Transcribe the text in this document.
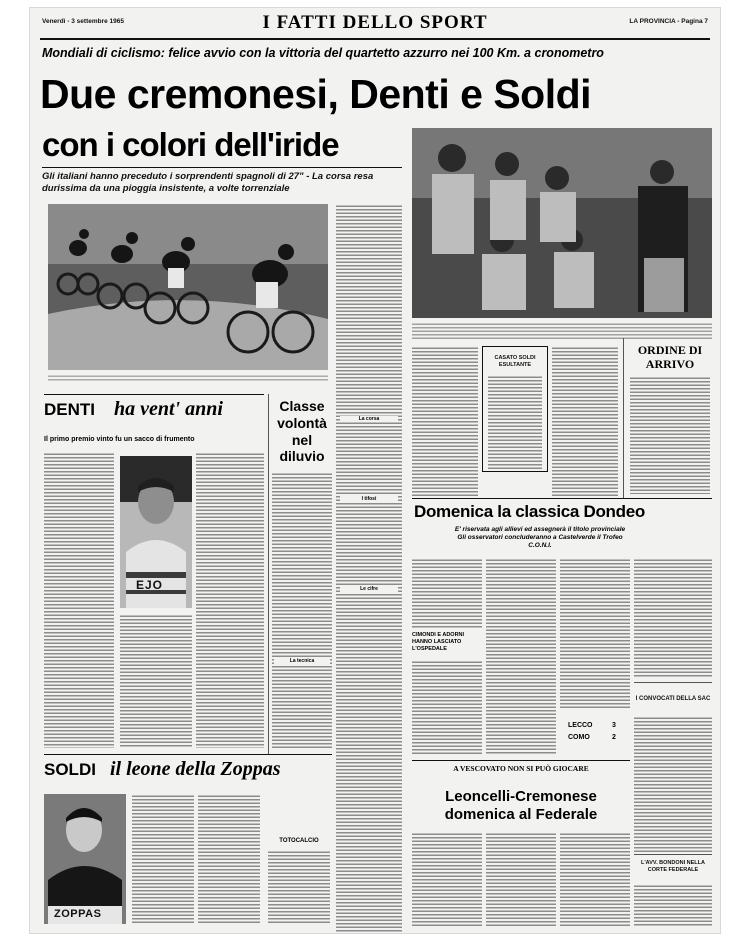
Venerdì - 3 settembre 1965	I FATTI DELLO SPORT	LA PROVINCIA - Pagina 7
Mondiali di ciclismo: felice avvio con la vittoria del quartetto azzurro nei 100 Km. a cronometro
Due cremonesi, Denti e Soldi
con i colori dell'iride
Gli italiani hanno preceduto i sorprendenti spagnoli di 27" - La corsa resa durissima da una pioggia insistente, a volte torrenziale
La corsa
Le cifre
CASATO SOLDI ESULTANTE
ORDINE DI ARRIVO
Domenica la classica Dondeo
E' riservata agli allievi ed assegnerà il titolo provinciale Gli osservatori concluderanno a Castelverde il Trofeo C.O.N.I.
CIMONDI E ADORNI HANNO LASCIATO L'OSPEDALE
LECCO	3
COMO	2
I CONVOCATI DELLA SAC
L'AVV. BONDONI NELLA CORTE FEDERALE
A VESCOVATO NON SI PUÒ GIOCARE
Leoncelli-Cremonese domenica al Federale
DENTI ha vent' anni
Il primo premio vinto fu un sacco di frumento
EJO
Classe volontà nel diluvio
La tecnica
I tifosi
SOLDI il leone della Zoppas
ZOPPAS
TOTOCALCIO
